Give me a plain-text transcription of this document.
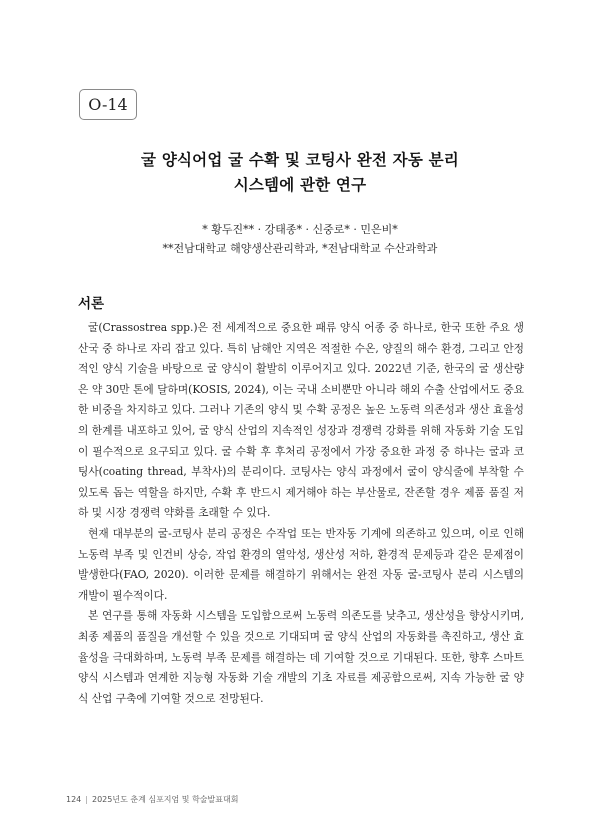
O-14
굴 양식어업 굴 수확 및 코팅사 완전 자동 분리
시스템에 관한 연구
* 황두진** · 강태종* · 신중로* · 민은비*
**전남대학교 해양생산관리학과, *전남대학교 수산과학과
서론

굴(Crassostrea spp.)은 전 세계적으로 중요한 패류 양식 어종 중 하나로, 한국 또한 주요 생산국 중 하나로 자리 잡고 있다. 특히 남해안 지역은 적절한 수온, 양질의 해수 환경, 그리고 안정적인 양식 기술을 바탕으로 굴 양식이 활발히 이루어지고 있다. 2022년 기준, 한국의 굴 생산량은 약 30만 톤에 달하며(KOSIS, 2024), 이는 국내 소비뿐만 아니라 해외 수출 산업에서도 중요한 비중을 차지하고 있다. 그러나 기존의 양식 및 수확 공정은 높은 노동력 의존성과 생산 효율성의 한계를 내포하고 있어, 굴 양식 산업의 지속적인 성장과 경쟁력 강화를 위해 자동화 기술 도입이 필수적으로 요구되고 있다. 굴 수확 후 후처리 공정에서 가장 중요한 과정 중 하나는 굴과 코팅사(coating thread, 부착사)의 분리이다. 코팅사는 양식 과정에서 굴이 양식줄에 부착할 수 있도록 돕는 역할을 하지만, 수확 후 반드시 제거해야 하는 부산물로, 잔존할 경우 제품 품질 저하 및 시장 경쟁력 약화를 초래할 수 있다.

현재 대부분의 굴-코팅사 분리 공정은 수작업 또는 반자동 기계에 의존하고 있으며, 이로 인해 노동력 부족 및 인건비 상승, 작업 환경의 열악성, 생산성 저하, 환경적 문제등과 같은 문제점이 발생한다(FAO, 2020). 이러한 문제를 해결하기 위해서는 완전 자동 굴-코팅사 분리 시스템의 개발이 필수적이다.

본 연구를 통해 자동화 시스템을 도입함으로써 노동력 의존도를 낮추고, 생산성을 향상시키며, 최종 제품의 품질을 개선할 수 있을 것으로 기대되며 굴 양식 산업의 자동화를 촉진하고, 생산 효율성을 극대화하며, 노동력 부족 문제를 해결하는 데 기여할 것으로 기대된다. 또한, 향후 스마트 양식 시스템과 연계한 지능형 자동화 기술 개발의 기초 자료를 제공함으로써, 지속 가능한 굴 양식 산업 구축에 기여할 것으로 전망된다.

124 | 2025년도 춘계 심포지엄 및 학술발표대회
